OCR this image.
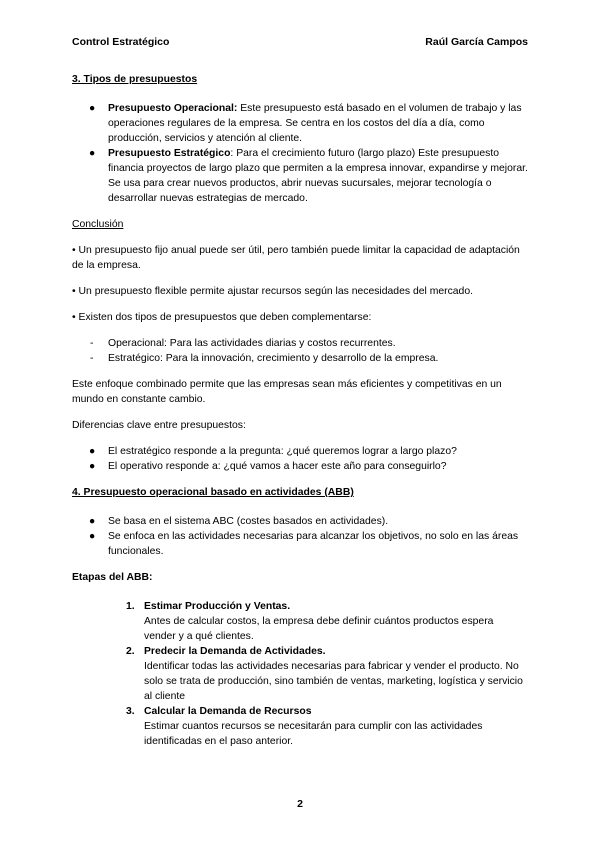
Control Estratégico	Raúl García Campos

3. Tipos de presupuestos

● Presupuesto Operacional: Este presupuesto está basado en el volumen de trabajo y las operaciones regulares de la empresa. Se centra en los costos del día a día, como producción, servicios y atención al cliente.
● Presupuesto Estratégico: Para el crecimiento futuro (largo plazo) Este presupuesto financia proyectos de largo plazo que permiten a la empresa innovar, expandirse y mejorar. Se usa para crear nuevos productos, abrir nuevas sucursales, mejorar tecnología o desarrollar nuevas estrategias de mercado.

Conclusión

• Un presupuesto fijo anual puede ser útil, pero también puede limitar la capacidad de adaptación de la empresa.

• Un presupuesto flexible permite ajustar recursos según las necesidades del mercado.

• Existen dos tipos de presupuestos que deben complementarse:

- Operacional: Para las actividades diarias y costos recurrentes.
- Estratégico: Para la innovación, crecimiento y desarrollo de la empresa.

Este enfoque combinado permite que las empresas sean más eficientes y competitivas en un mundo en constante cambio.

Diferencias clave entre presupuestos:

● El estratégico responde a la pregunta: ¿qué queremos lograr a largo plazo?
● El operativo responde a: ¿qué vamos a hacer este año para conseguirlo?

4. Presupuesto operacional basado en actividades (ABB)

● Se basa en el sistema ABC (costes basados en actividades).
● Se enfoca en las actividades necesarias para alcanzar los objetivos, no solo en las áreas funcionales.

Etapas del ABB:

1. Estimar Producción y Ventas.
Antes de calcular costos, la empresa debe definir cuántos productos espera vender y a qué clientes.
2. Predecir la Demanda de Actividades.
Identificar todas las actividades necesarias para fabricar y vender el producto. No solo se trata de producción, sino también de ventas, marketing, logística y servicio al cliente
3. Calcular la Demanda de Recursos
Estimar cuantos recursos se necesitarán para cumplir con las actividades identificadas en el paso anterior.
2
